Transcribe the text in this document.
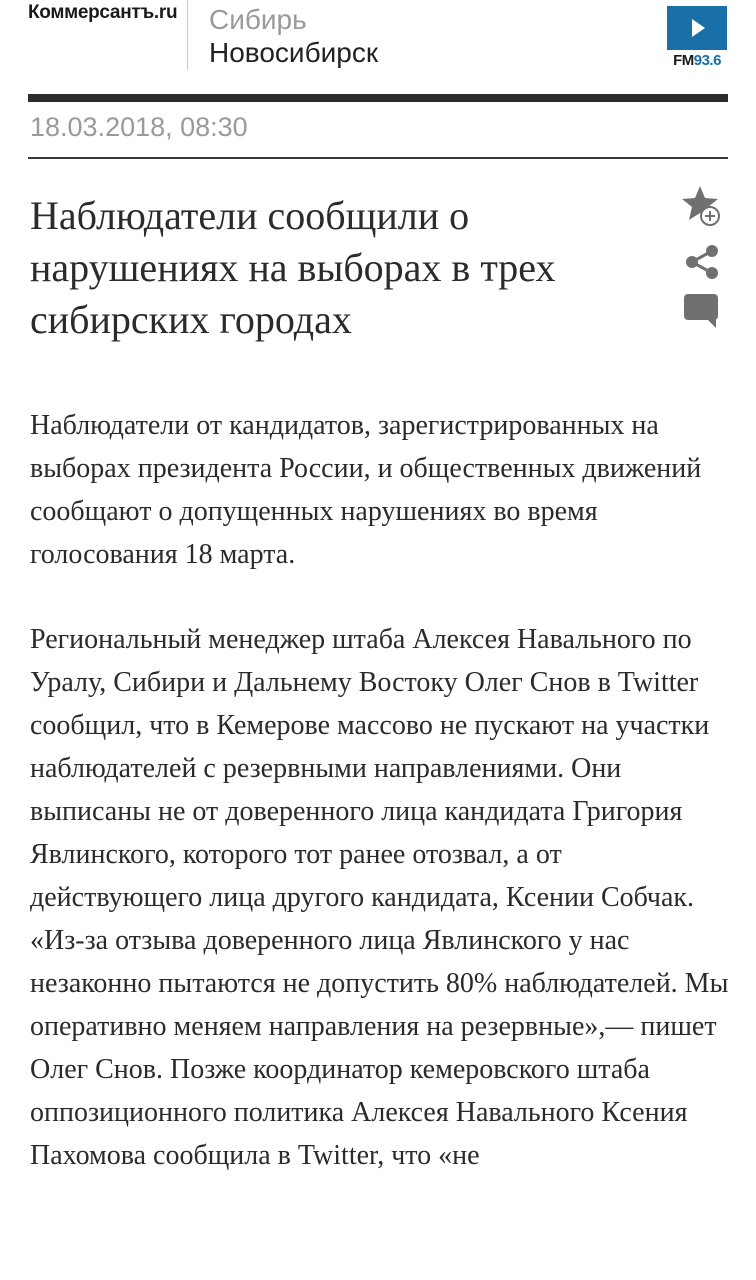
Коммерсантъ.ru Сибирь
Новосибирск	FM93.6
18.03.2018, 08:30
Наблюдатели сообщили о нарушениях на выборах в трех сибирских городах

Наблюдатели от кандидатов, зарегистрированных на выборах президента России, и общественных движений сообщают о допущенных нарушениях во время голосования 18 марта.

Региональный менеджер штаба Алексея Навального по Уралу, Сибири и Дальнему Востоку Олег Снов в Twitter сообщил, что в Кемерове массово не пускают на участки наблюдателей с резервными направлениями. Они выписаны не от доверенного лица кандидата Григория Явлинского, которого тот ранее отозвал, а от действующего лица другого кандидата, Ксении Собчак. «Из-за отзыва доверенного лица Явлинского у нас незаконно пытаются не допустить 80% наблюдателей. Мы оперативно меняем направления на резервные»,— пишет Олег Снов. Позже координатор кемеровского штаба оппозиционного политика Алексея Навального Ксения Пахомова сообщила в Twitter, что «не
